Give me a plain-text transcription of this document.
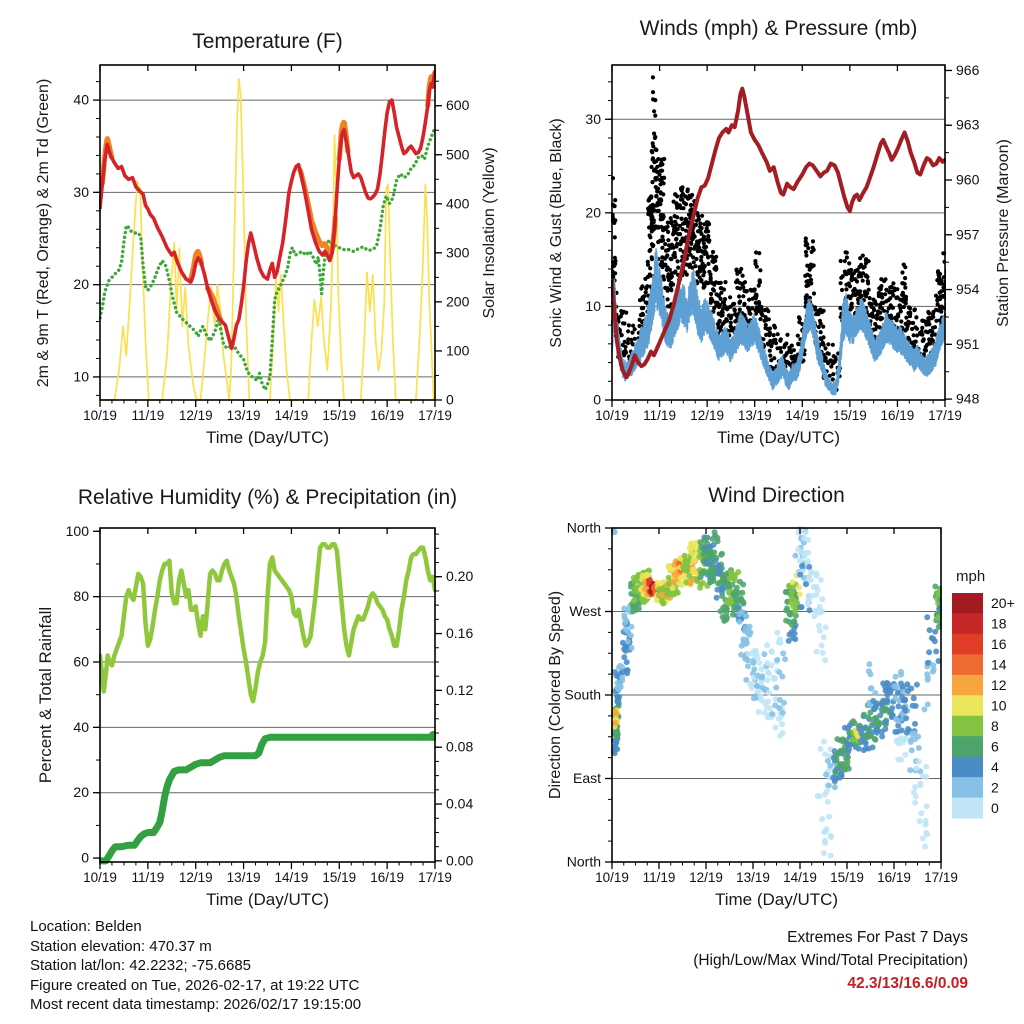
10/19 11/19 12/19 13/19 14/19 15/19 16/19 17/19
10
20
30
40
0
100
200
300
400
500
600
10/19 11/19 12/19 13/19 14/19 15/19 16/19 17/19
0
10
20
30
948
951
954
957
960
963
966
10/19 11/19 12/19 13/19 14/19 15/19 16/19 17/19
0
20
40
60
80
100
0.00
0.04
0.08
0.12
0.16
0.20
10/19 11/19 12/19 13/19 14/19 15/19 16/19 17/19
North
West
South
East
North
20+
18
16
14
12
10
8
6
4
2
0
Temperature (F)
Winds (mph) & Pressure (mb)
Relative Humidity (%) & Precipitation (in)	Wind Direction
2m & 9m T (Red, Orange) & 2m Td (Green)	Solar Insolation (Yellow)	Sonic Wind & Gust (Blue, Black)	Station Pressure (Maroon)
Percent & Total Rainfall	Direction (Colored By Speed)
Time (Day/UTC)	Time (Day/UTC)
Time (Day/UTC)	Time (Day/UTC)
mph
Location: Belden
Station elevation: 470.37 m
Station lat/lon: 42.2232; -75.6685
Figure created on Tue, 2026-02-17, at 19:22 UTC
Most recent data timestamp: 2026/02/17 19:15:00
Extremes For Past 7 Days
(High/Low/Max Wind/Total Precipitation)
42.3/13/16.6/0.09
